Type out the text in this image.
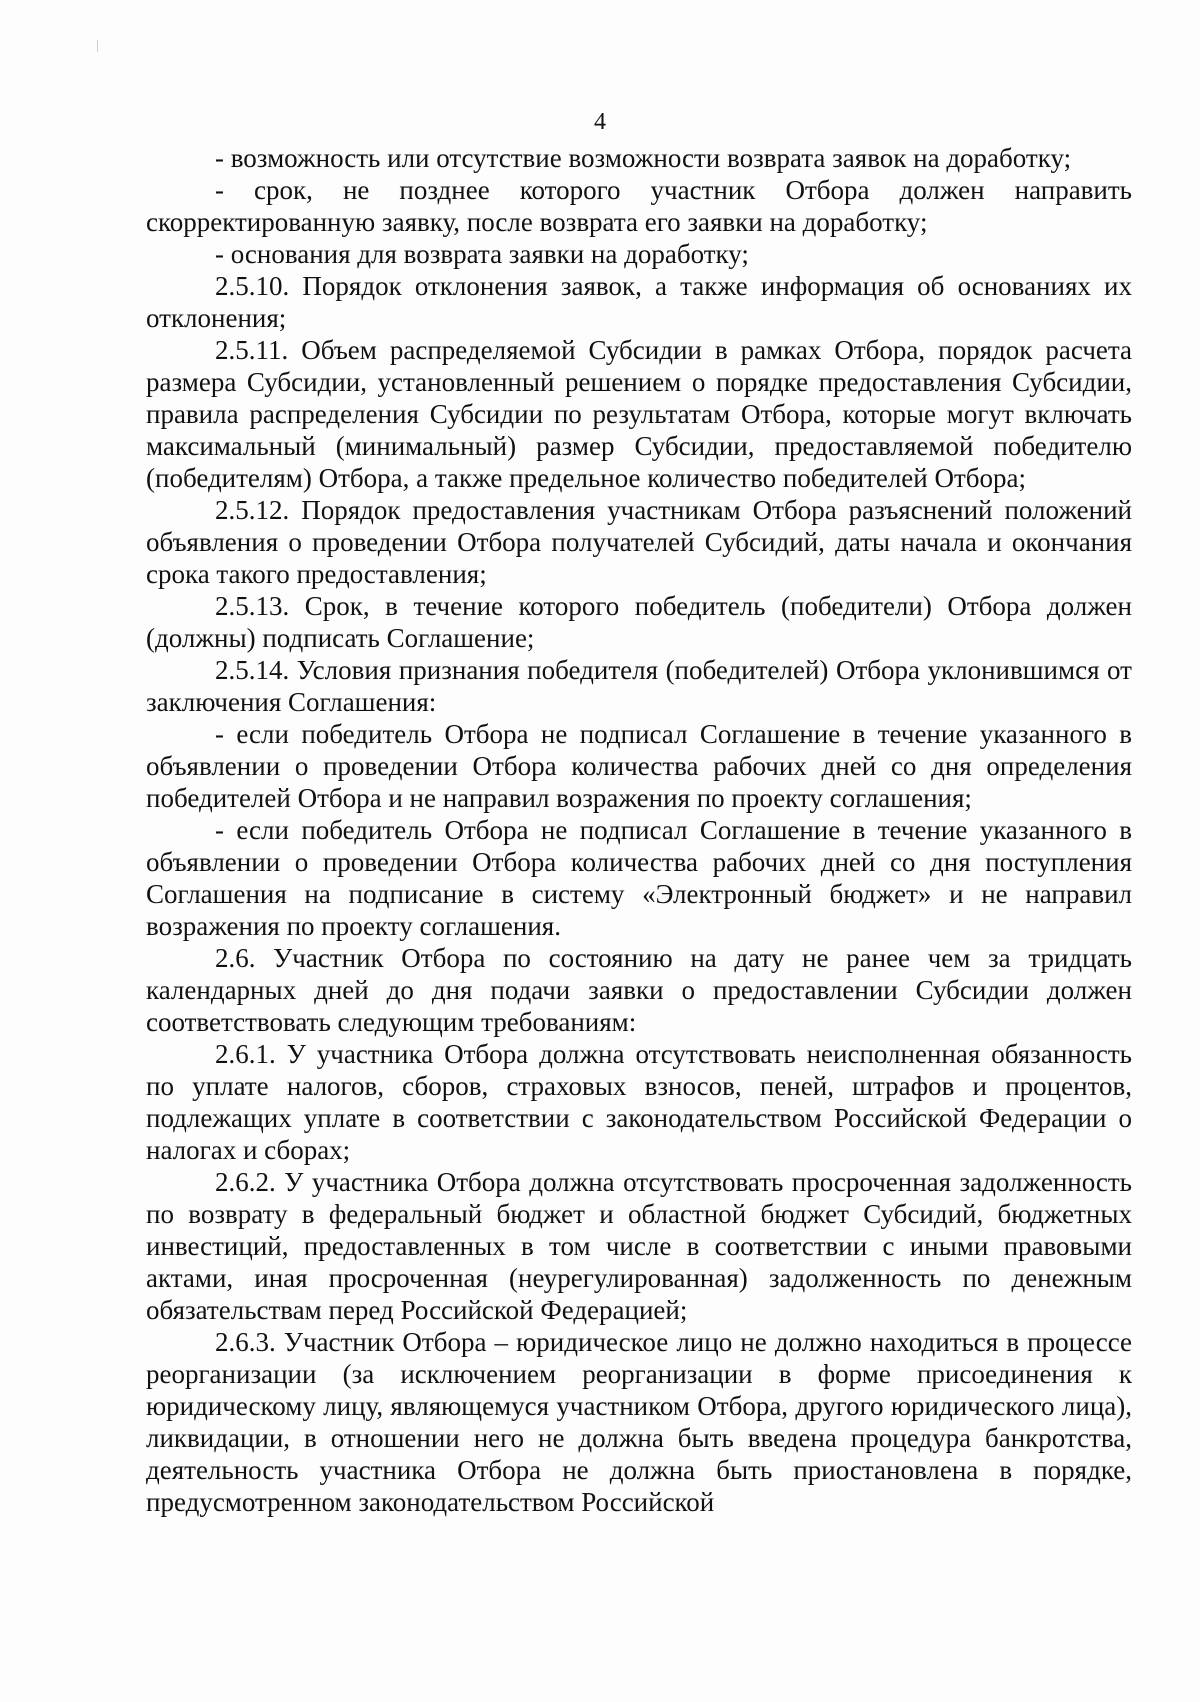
4

- возможность или отсутствие возможности возврата заявок на доработку;

- срок, не позднее которого участник Отбора должен направить скорректированную заявку, после возврата его заявки на доработку;

- основания для возврата заявки на доработку;

2.5.10. Порядок отклонения заявок, а также информация об основаниях их отклонения;

2.5.11. Объем распределяемой Субсидии в рамках Отбора, порядок расчета размера Субсидии, установленный решением о порядке предоставления Субсидии, правила распределения Субсидии по результатам Отбора, которые могут включать максимальный (минимальный) размер Субсидии, предоставляемой победителю (победителям) Отбора, а также предельное количество победителей Отбора;

2.5.12. Порядок предоставления участникам Отбора разъяснений положений объявления о проведении Отбора получателей Субсидий, даты начала и окончания срока такого предоставления;

2.5.13. Срок, в течение которого победитель (победители) Отбора должен (должны) подписать Соглашение;

2.5.14. Условия признания победителя (победителей) Отбора уклонившимся от заключения Соглашения:

- если победитель Отбора не подписал Соглашение в течение указанного в объявлении о проведении Отбора количества рабочих дней со дня определения победителей Отбора и не направил возражения по проекту соглашения;

- если победитель Отбора не подписал Соглашение в течение указанного в объявлении о проведении Отбора количества рабочих дней со дня поступления Соглашения на подписание в систему «Электронный бюджет» и не направил возражения по проекту соглашения.

2.6. Участник Отбора по состоянию на дату не ранее чем за тридцать календарных дней до дня подачи заявки о предоставлении Субсидии должен соответствовать следующим требованиям:

2.6.1. У участника Отбора должна отсутствовать неисполненная обязанность по уплате налогов, сборов, страховых взносов, пеней, штрафов и процентов, подлежащих уплате в соответствии с законодательством Российской Федерации о налогах и сборах;

2.6.2. У участника Отбора должна отсутствовать просроченная задолженность по возврату в федеральный бюджет и областной бюджет Субсидий, бюджетных инвестиций, предоставленных в том числе в соответствии с иными правовыми актами, иная просроченная (неурегулированная) задолженность по денежным обязательствам перед Российской Федерацией;

2.6.3. Участник Отбора – юридическое лицо не должно находиться в процессе реорганизации (за исключением реорганизации в форме присоединения к юридическому лицу, являющемуся участником Отбора, другого юридического лица), ликвидации, в отношении него не должна быть введена процедура банкротства, деятельность участника Отбора не должна быть приостановлена в порядке, предусмотренном законодательством Российской
